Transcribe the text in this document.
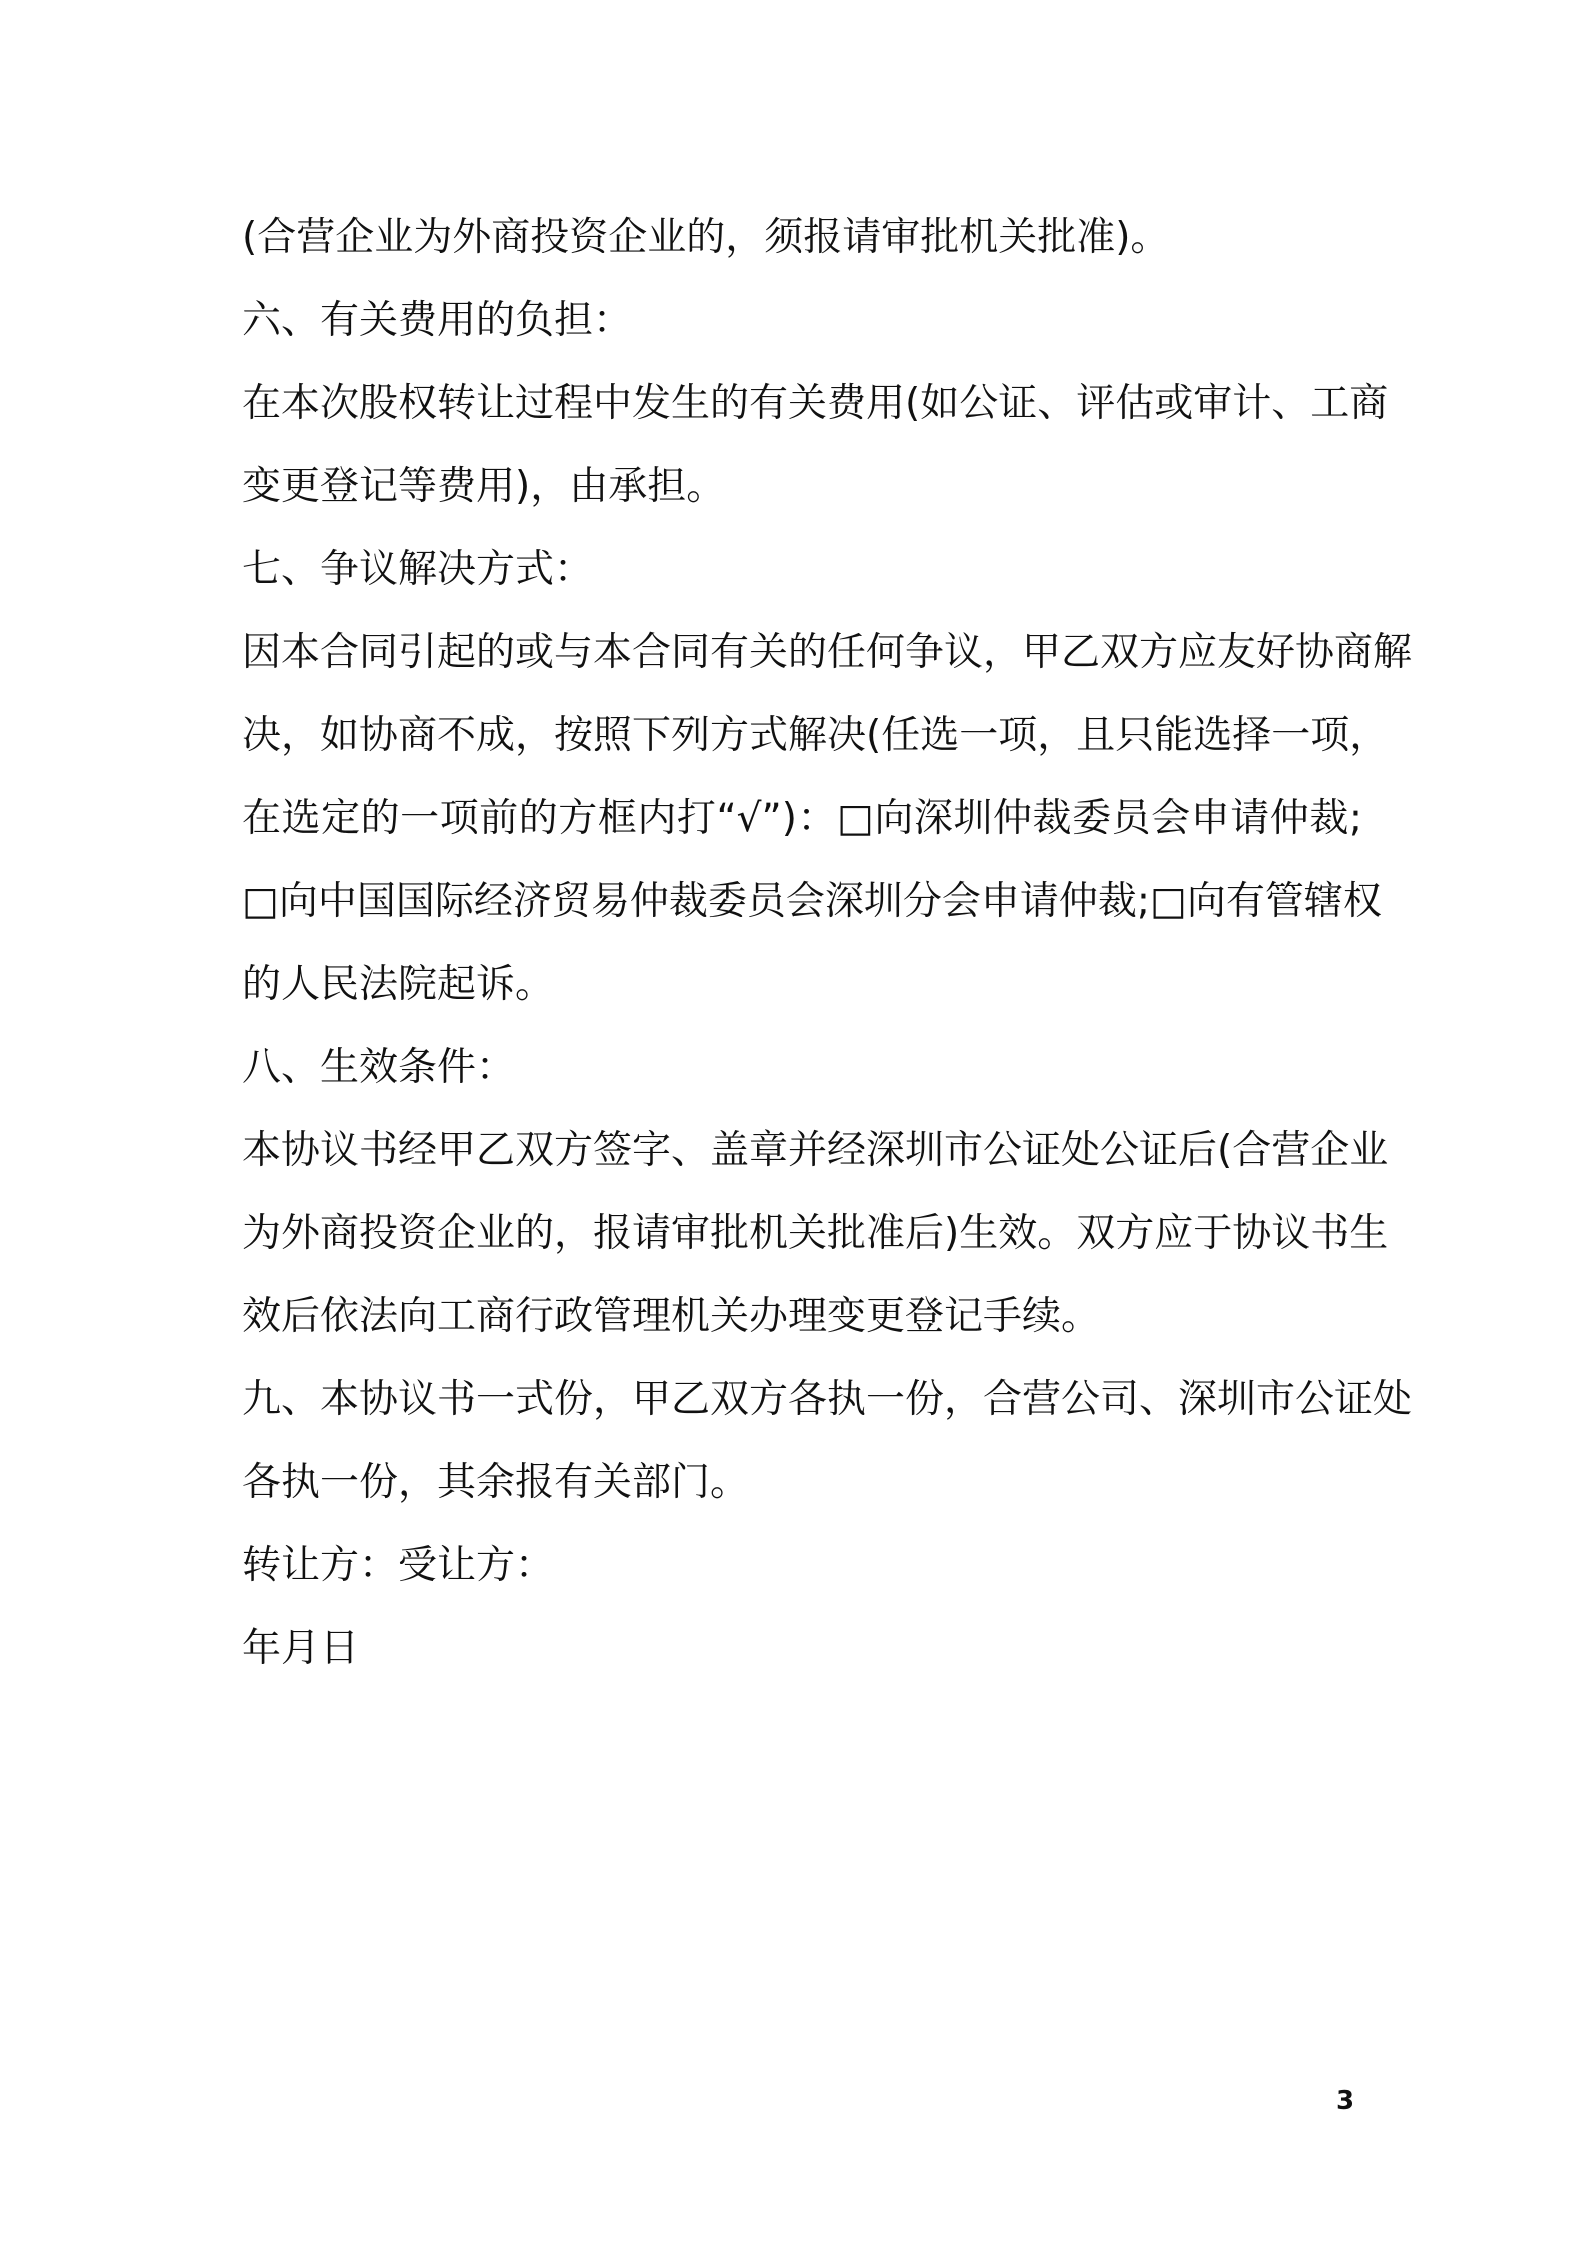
(合营企业为外商投资企业的，须报请审批机关批准)。
六、有关费用的负担：
在本次股权转让过程中发生的有关费用(如公证、评估或审计、工商
变更登记等费用)，由承担。
七、争议解决方式：
因本合同引起的或与本合同有关的任何争议，甲乙双方应友好协商解
决，如协商不成，按照下列方式解决(任选一项，且只能选择一项，
在选定的一项前的方框内打“√”)：□向深圳仲裁委员会申请仲裁;
□向中国国际经济贸易仲裁委员会深圳分会申请仲裁;□向有管辖权
的人民法院起诉。
八、生效条件：
本协议书经甲乙双方签字、盖章并经深圳市公证处公证后(合营企业
为外商投资企业的，报请审批机关批准后)生效。双方应于协议书生
效后依法向工商行政管理机关办理变更登记手续。
九、本协议书一式份，甲乙双方各执一份，合营公司、深圳市公证处
各执一份，其余报有关部门。
转让方：受让方：
年月日
3
